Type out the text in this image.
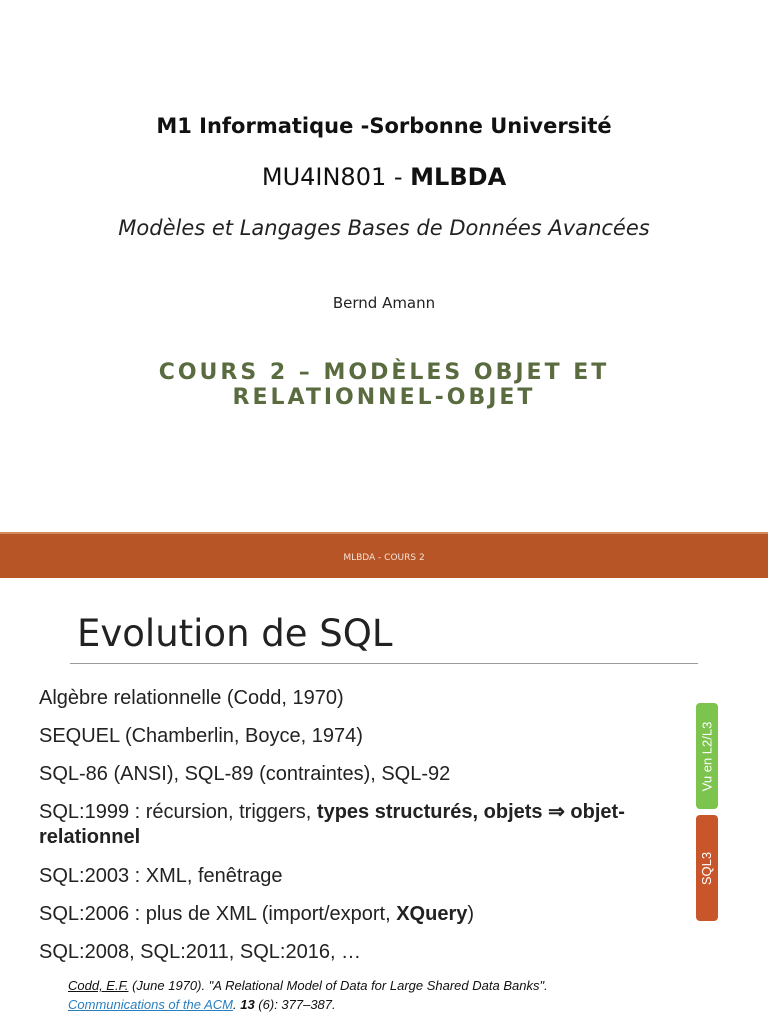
M1 Informatique -Sorbonne Université
MU4IN801 - MLBDA
Modèles et Langages Bases de Données Avancées
Bernd Amann
COURS 2 – MODÈLES OBJET ET
RELATIONNEL-OBJET
MLBDA - COURS 2
Evolution de SQL
Algèbre relationnelle (Codd, 1970)
SEQUEL (Chamberlin, Boyce, 1974)
SQL-86 (ANSI), SQL-89 (contraintes), SQL-92
SQL:1999 : récursion, triggers, types structurés, objets ⇒ objet-
relationnel
SQL:2003 : XML, fenêtrage
SQL:2006 : plus de XML (import/export, XQuery)
SQL:2008, SQL:2011, SQL:2016, …
Vu en L2/L3
SQL3
Codd, E.F. (June 1970). "A Relational Model of Data for Large Shared Data Banks".
Communications of the ACM. 13 (6): 377–387.
